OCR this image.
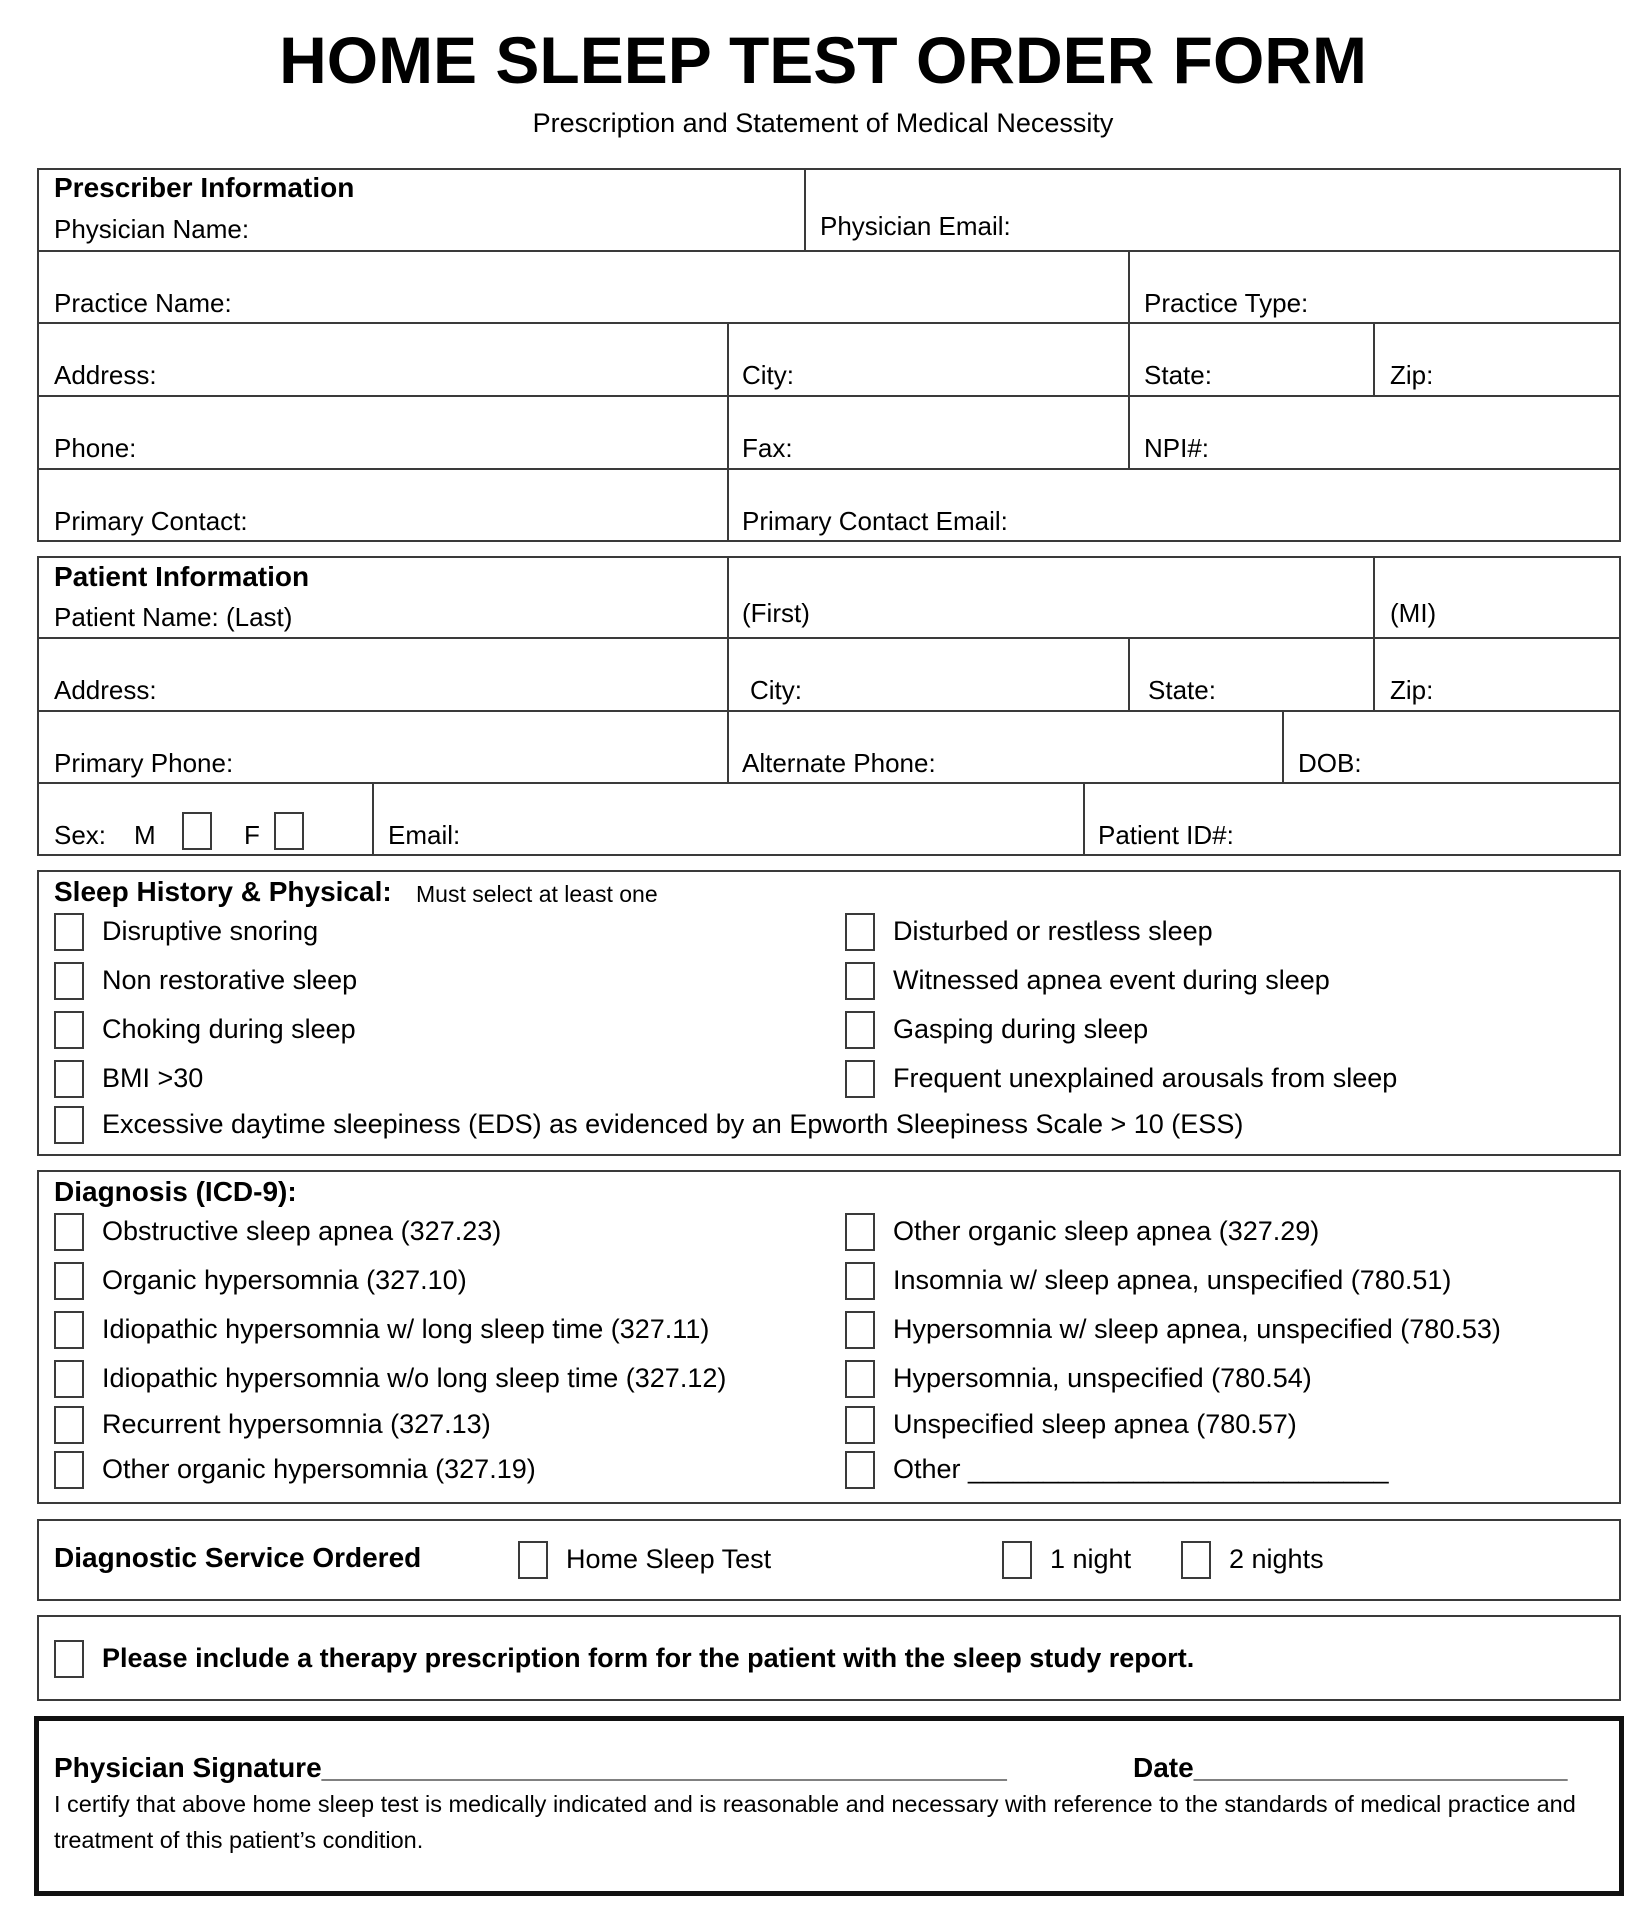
HOME SLEEP TEST ORDER FORM
Prescription and Statement of Medical Necessity
Prescriber Information
Physician Name:	Physician Email:
Practice Name:	Practice Type:
Address:	City:	State:	Zip:
Phone:	Fax:	NPI#:
Primary Contact:	Primary Contact Email:
Patient Information
Patient Name: (Last)	(First)	(MI)
Address:	City:	State:	Zip:
Primary Phone:	Alternate Phone:	DOB:
Sex: M	F	Email:	Patient ID#:
Sleep History & Physical: Must select at least one
Disruptive snoring
Non restorative sleep
Choking during sleep
BMI >30
Disturbed or restless sleep
Witnessed apnea event during sleep
Gasping during sleep
Frequent unexplained arousals from sleep
Excessive daytime sleepiness (EDS) as evidenced by an Epworth Sleepiness Scale > 10 (ESS)
Diagnosis (ICD-9):
Obstructive sleep apnea (327.23)
Organic hypersomnia (327.10)
Idiopathic hypersomnia w/ long sleep time (327.11)
Idiopathic hypersomnia w/o long sleep time (327.12)
Recurrent hypersomnia (327.13)
Other organic hypersomnia (327.19)
Other organic sleep apnea (327.29)
Insomnia w/ sleep apnea, unspecified (780.51)
Hypersomnia w/ sleep apnea, unspecified (780.53)
Hypersomnia, unspecified (780.54)
Unspecified sleep apnea (780.57)
Other ____________________________
Diagnostic Service Ordered	Home Sleep Test	1 night	2 nights
Please include a therapy prescription form for the patient with the sleep study report.
Physician Signature____________________________________________	Date________________________
I certify that above home sleep test is medically indicated and is reasonable and necessary with reference to the standards of medical practice and treatment of this patient’s condition.
